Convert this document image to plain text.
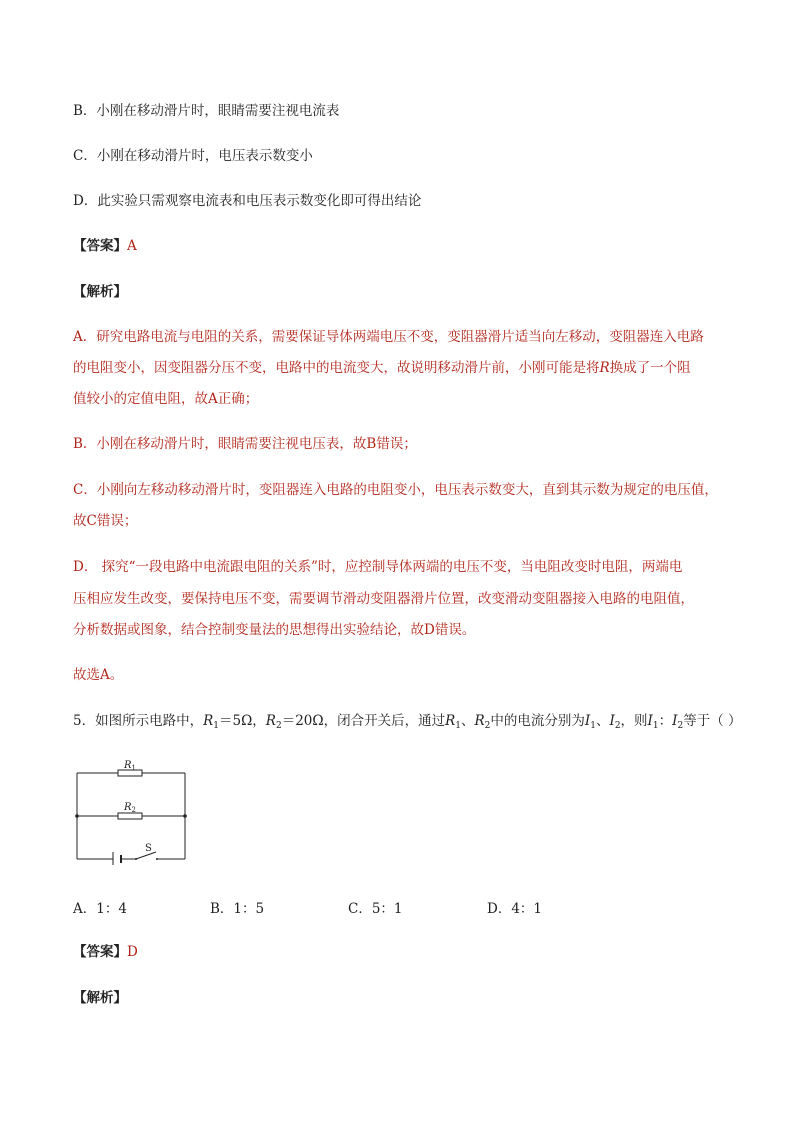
B．小刚在移动滑片时，眼睛需要注视电流表
C．小刚在移动滑片时，电压表示数变小
D．此实验只需观察电流表和电压表示数变化即可得出结论
【答案】A
【解析】
A．研究电路电流与电阻的关系，需要保证导体两端电压不变，变阻器滑片适当向左移动，变阻器连入电路
的电阻变小，因变阻器分压不变，电路中的电流变大，故说明移动滑片前，小刚可能是将R换成了一个阻
值较小的定值电阻，故A正确；
B．小刚在移动滑片时，眼睛需要注视电压表，故B错误；
C．小刚向左移动移动滑片时，变阻器连入电路的电阻变小，电压表示数变大，直到其示数为规定的电压值，
故C错误；
D． 探究“一段电路中电流跟电阻的关系”时，应控制导体两端的电压不变，当电阻改变时电阻，两端电
压相应发生改变，要保持电压不变，需要调节滑动变阻器滑片位置，改变滑动变阻器接入电路的电阻值，
分析数据或图象，结合控制变量法的思想得出实验结论，故D错误。
故选A。
5．如图所示电路中，$R_1=5\Omega$，$R_2=20\Omega$，闭合开关后，通过$R_1$、$R_2$中的电流分别为$I_1$、$I_2$，则$I_1$：$I_2$等于（ ）
$R_1$
$R_2$
S
A．1：4	B．1：5	C．5：1	D．4：1
【答案】D
【解析】
